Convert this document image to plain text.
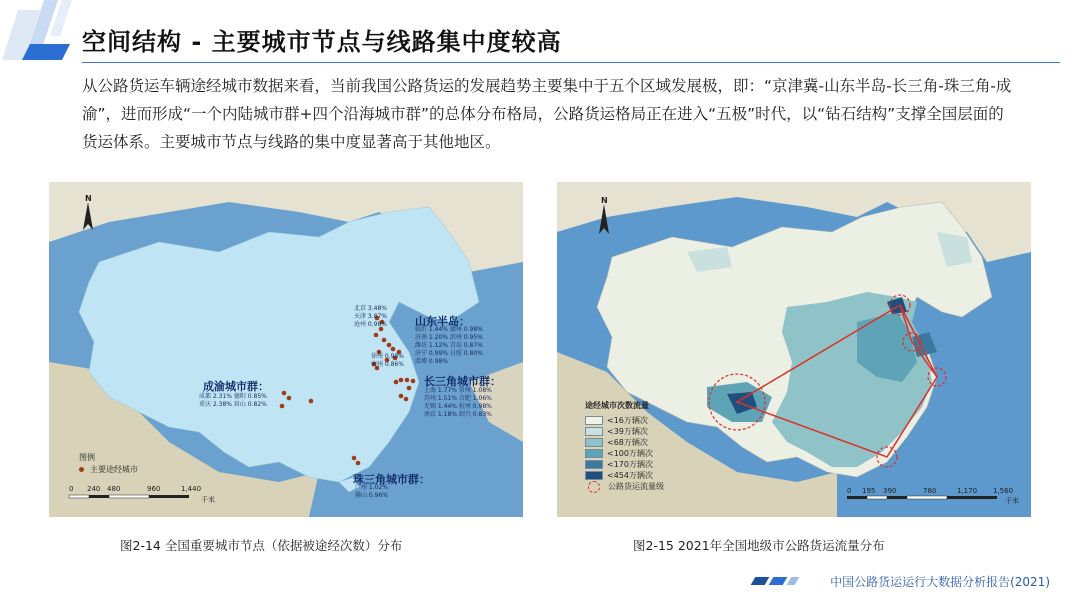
空间结构 - 主要城市节点与线路集中度较高
从公路货运车辆途经城市数据来看，当前我国公路货运的发展趋势主要集中于五个区域发展极，即：“京津冀-山东半岛-长三角-珠三角-成渝”，进而形成“一个内陆城市群+四个沿海城市群”的总体分布格局，公路货运格局正在进入“五极”时代，以“钻石结构”支撑全国层面的货运体系。主要城市节点与线路的集中度显著高于其他地区。
N
山东半岛：
成渝城市群：	长三角城市群：
珠三角城市群：
北京 3.48%
天津 3.87%
沧州 0.98%
临沂 1.44% 德州 0.98%
济南 1.20% 滨州 0.95%
潍坊 1.12% 青岛 0.87%
济宁 0.99% 日照 0.80%
淄博 0.98%
徐州 0.98%
宿州 0.86%
成都 2.31% 德阳 0.85%
重庆 2.38% 眉山 0.82%
上海 1.77% 常州 1.08%
苏州 1.51% 合肥 1.06%
无锡 1.44% 杭州 0.98%
南京 1.18% 绍兴 0.83%
广州 1.02%
佛山 0.96%
图例
主要途经城市
0 240 480	960	1,440
千米
N
途经城市次数流量
<16万辆次
<39万辆次
<68万辆次
<100万辆次
<170万辆次
<454万辆次
公路货运流量级	0 195 390	780	1,170 1,560
千米
图2-14 全国重要城市节点（依据被途经次数）分布	图2-15 2021年全国地级市公路货运流量分布
中国公路货运运行大数据分析报告(2021)
